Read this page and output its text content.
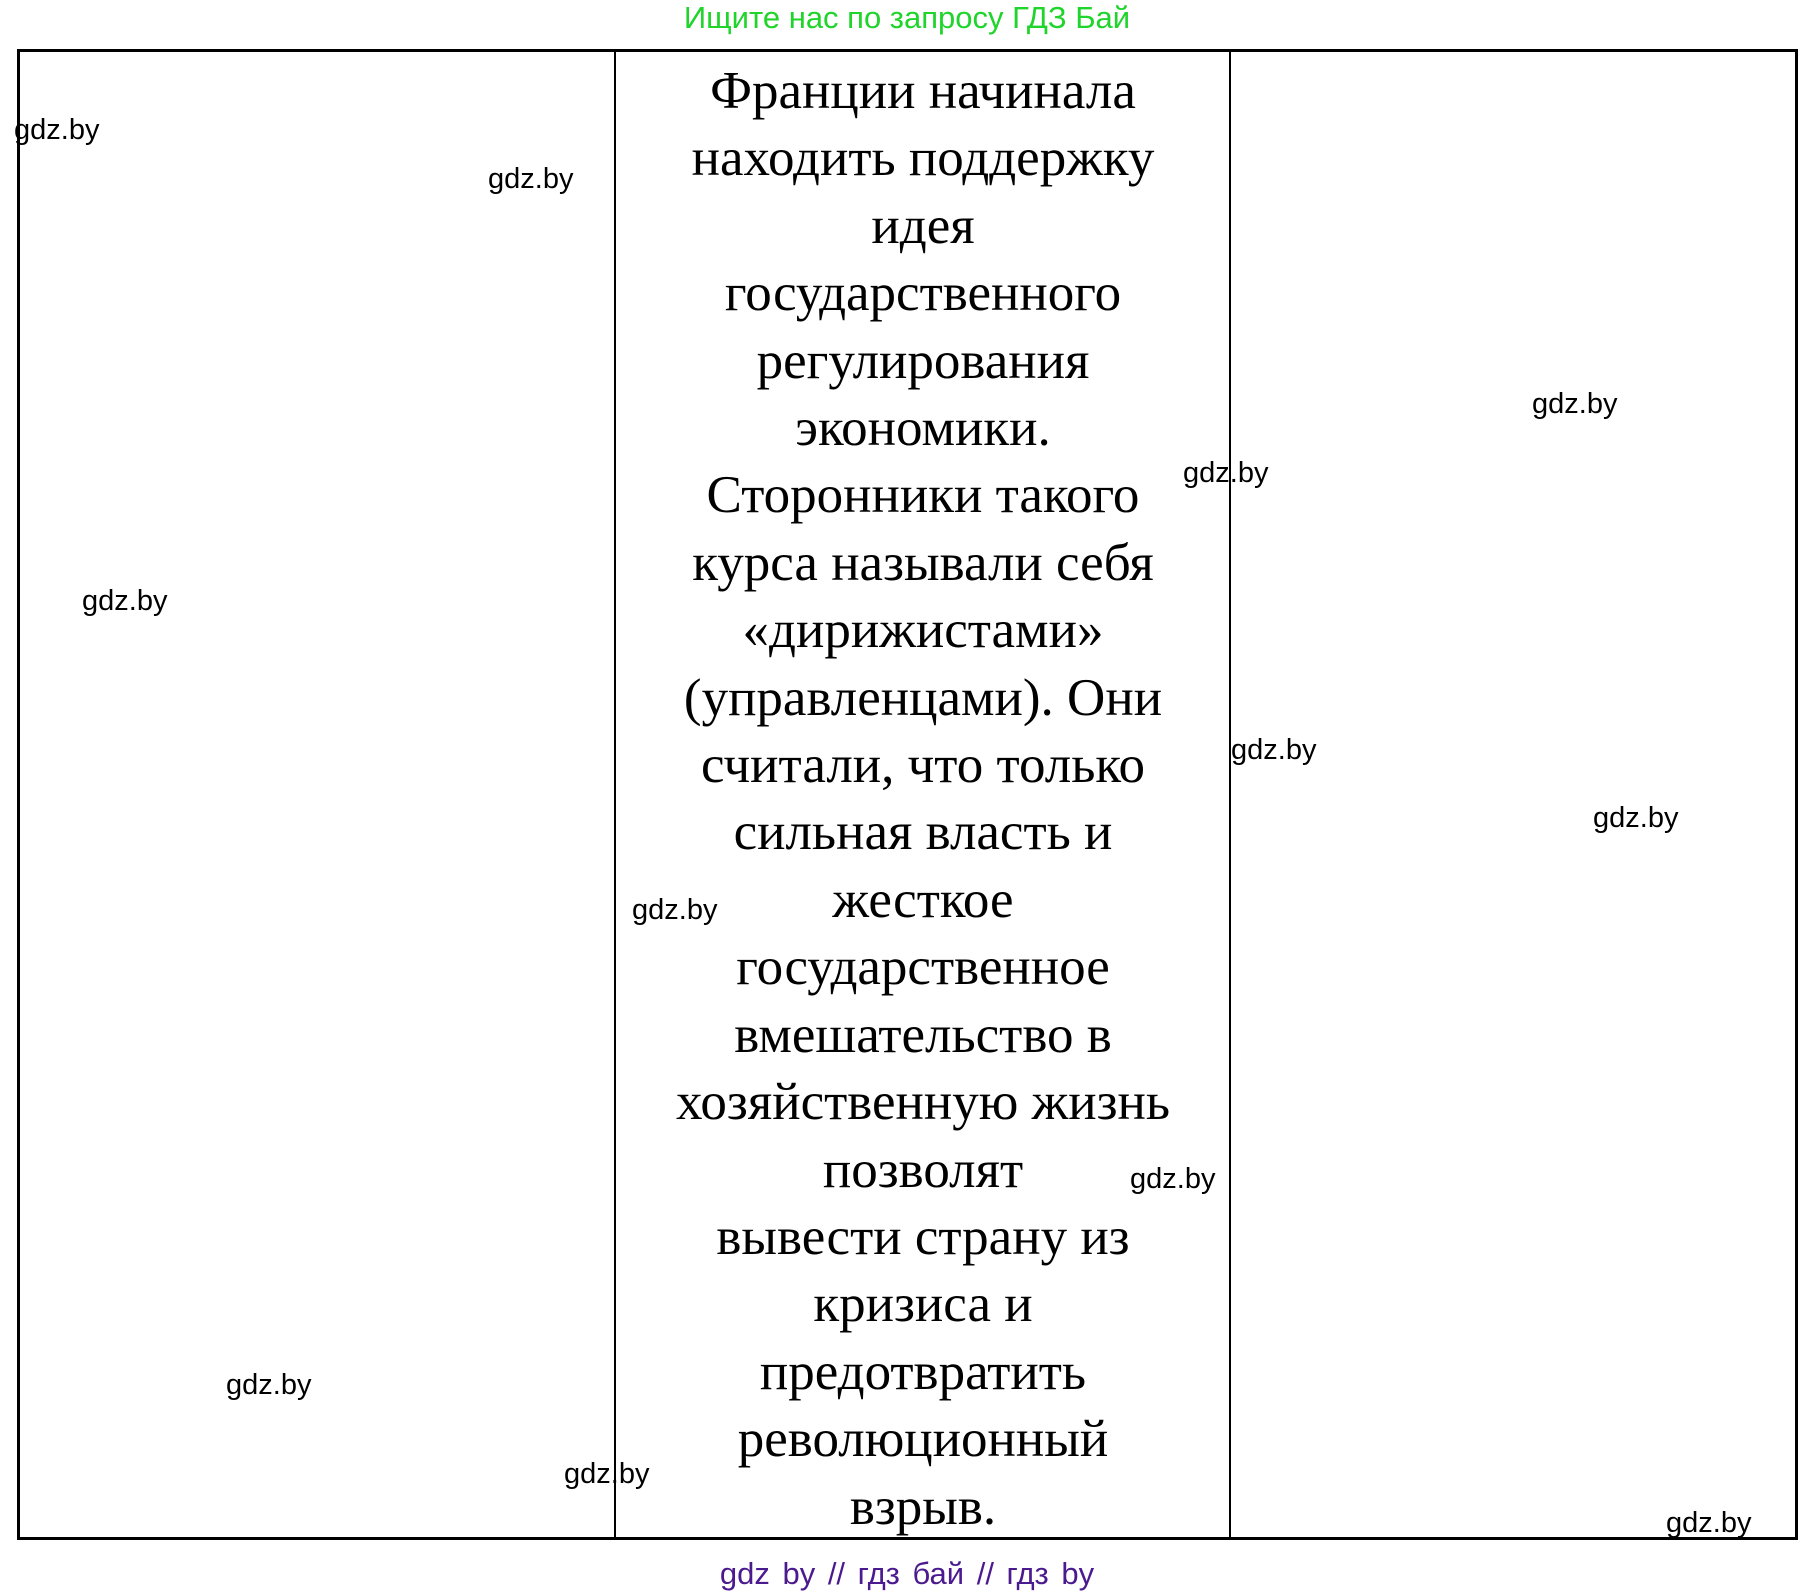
Ищите нас по запросу ГДЗ Бай
Франции начинала
находить поддержку
идея
государственного
регулирования
экономики.
Сторонники такого
курса называли себя
«дирижистами»
(управленцами). Они
считали, что только
сильная власть и
жесткое
государственное
вмешательство в
хозяйственную жизнь
позволят
вывести страну из
кризиса и
предотвратить
революционный
взрыв.
gdz.by
gdz.by
gdz.by
gdz.by
gdz.by
gdz.by
gdz.by
gdz.by
gdz.by
gdz.by
gdz.by
gdz.by
gdz by // гдз бай // гдз by
